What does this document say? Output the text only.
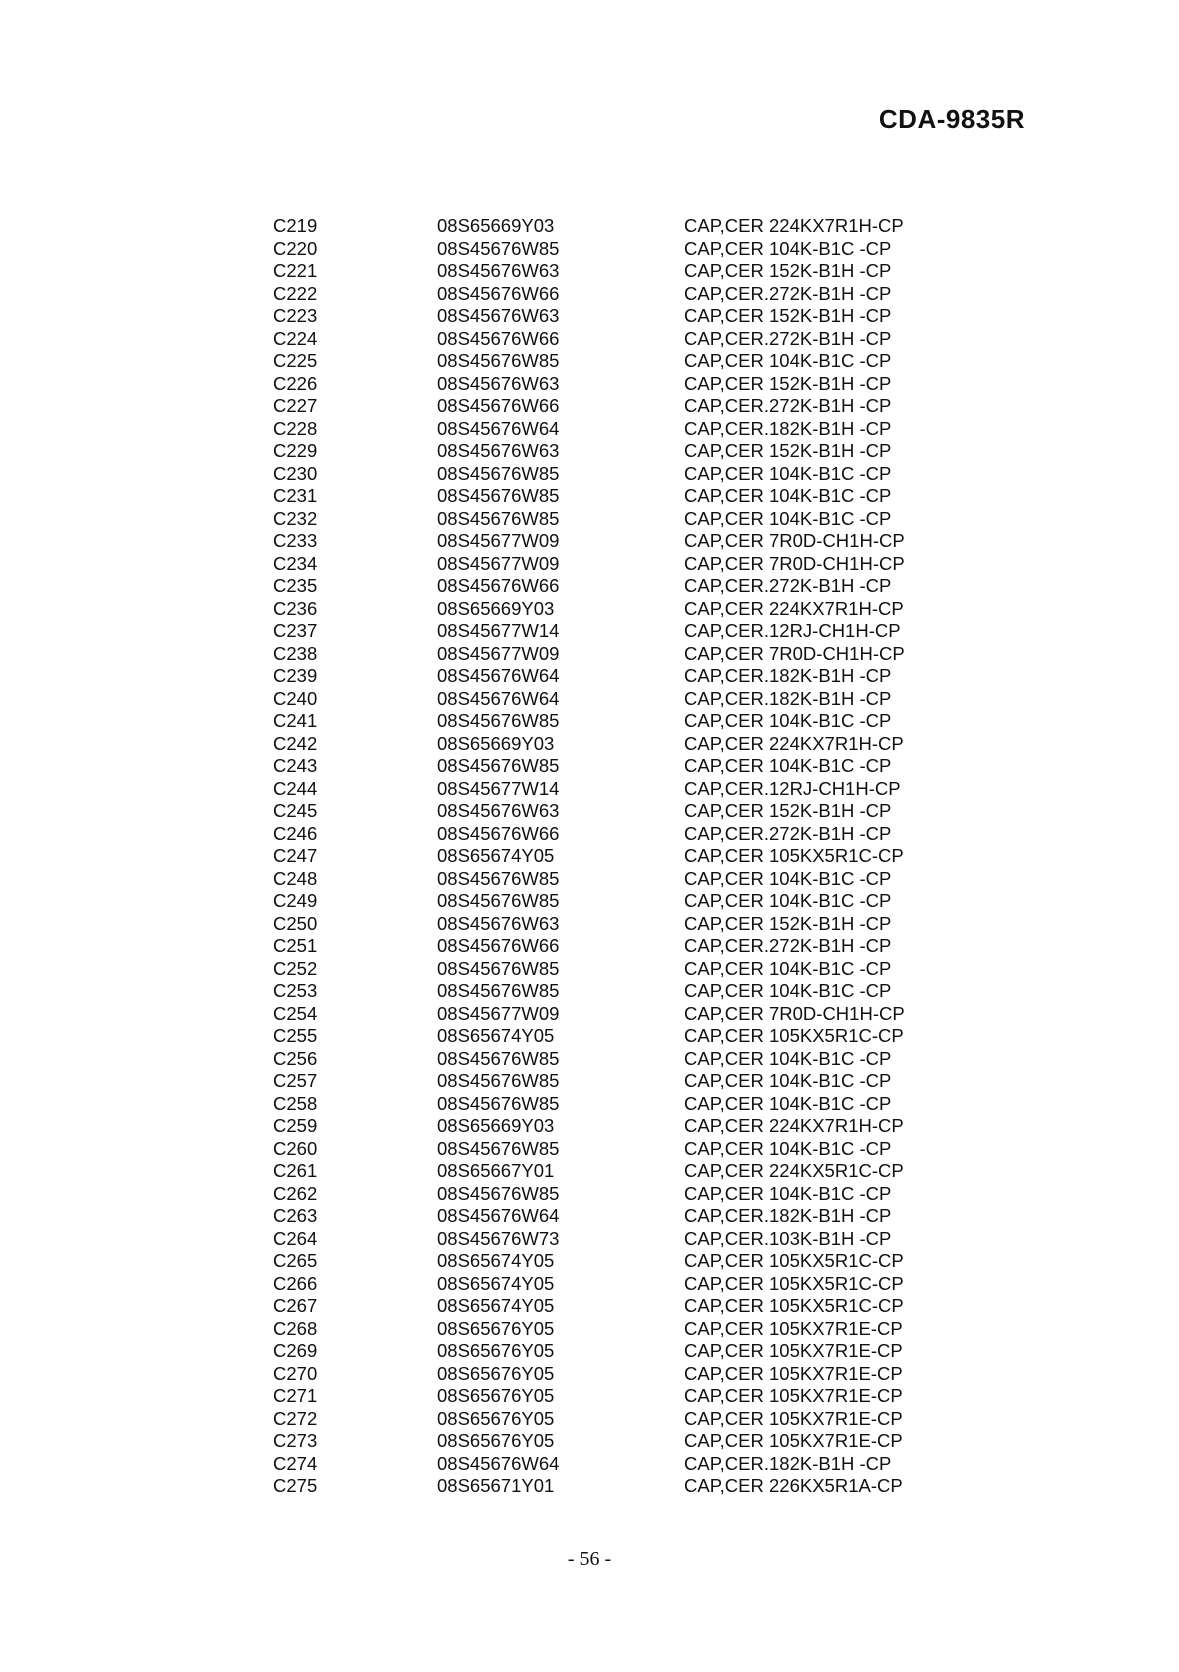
CDA-9835R
C219	08S65669Y03	CAP,CER 224KX7R1H-CP
C220	08S45676W85	CAP,CER 104K-B1C -CP
C221	08S45676W63	CAP,CER 152K-B1H -CP
C222	08S45676W66	CAP,CER.272K-B1H -CP
C223	08S45676W63	CAP,CER 152K-B1H -CP
C224	08S45676W66	CAP,CER.272K-B1H -CP
C225	08S45676W85	CAP,CER 104K-B1C -CP
C226	08S45676W63	CAP,CER 152K-B1H -CP
C227	08S45676W66	CAP,CER.272K-B1H -CP
C228	08S45676W64	CAP,CER.182K-B1H -CP
C229	08S45676W63	CAP,CER 152K-B1H -CP
C230	08S45676W85	CAP,CER 104K-B1C -CP
C231	08S45676W85	CAP,CER 104K-B1C -CP
C232	08S45676W85	CAP,CER 104K-B1C -CP
C233	08S45677W09	CAP,CER 7R0D-CH1H-CP
C234	08S45677W09	CAP,CER 7R0D-CH1H-CP
C235	08S45676W66	CAP,CER.272K-B1H -CP
C236	08S65669Y03	CAP,CER 224KX7R1H-CP
C237	08S45677W14	CAP,CER.12RJ-CH1H-CP
C238	08S45677W09	CAP,CER 7R0D-CH1H-CP
C239	08S45676W64	CAP,CER.182K-B1H -CP
C240	08S45676W64	CAP,CER.182K-B1H -CP
C241	08S45676W85	CAP,CER 104K-B1C -CP
C242	08S65669Y03	CAP,CER 224KX7R1H-CP
C243	08S45676W85	CAP,CER 104K-B1C -CP
C244	08S45677W14	CAP,CER.12RJ-CH1H-CP
C245	08S45676W63	CAP,CER 152K-B1H -CP
C246	08S45676W66	CAP,CER.272K-B1H -CP
C247	08S65674Y05	CAP,CER 105KX5R1C-CP
C248	08S45676W85	CAP,CER 104K-B1C -CP
C249	08S45676W85	CAP,CER 104K-B1C -CP
C250	08S45676W63	CAP,CER 152K-B1H -CP
C251	08S45676W66	CAP,CER.272K-B1H -CP
C252	08S45676W85	CAP,CER 104K-B1C -CP
C253	08S45676W85	CAP,CER 104K-B1C -CP
C254	08S45677W09	CAP,CER 7R0D-CH1H-CP
C255	08S65674Y05	CAP,CER 105KX5R1C-CP
C256	08S45676W85	CAP,CER 104K-B1C -CP
C257	08S45676W85	CAP,CER 104K-B1C -CP
C258	08S45676W85	CAP,CER 104K-B1C -CP
C259	08S65669Y03	CAP,CER 224KX7R1H-CP
C260	08S45676W85	CAP,CER 104K-B1C -CP
C261	08S65667Y01	CAP,CER 224KX5R1C-CP
C262	08S45676W85	CAP,CER 104K-B1C -CP
C263	08S45676W64	CAP,CER.182K-B1H -CP
C264	08S45676W73	CAP,CER.103K-B1H -CP
C265	08S65674Y05	CAP,CER 105KX5R1C-CP
C266	08S65674Y05	CAP,CER 105KX5R1C-CP
C267	08S65674Y05	CAP,CER 105KX5R1C-CP
C268	08S65676Y05	CAP,CER 105KX7R1E-CP
C269	08S65676Y05	CAP,CER 105KX7R1E-CP
C270	08S65676Y05	CAP,CER 105KX7R1E-CP
C271	08S65676Y05	CAP,CER 105KX7R1E-CP
C272	08S65676Y05	CAP,CER 105KX7R1E-CP
C273	08S65676Y05	CAP,CER 105KX7R1E-CP
C274	08S45676W64	CAP,CER.182K-B1H -CP
C275	08S65671Y01	CAP,CER 226KX5R1A-CP
- 56 -
